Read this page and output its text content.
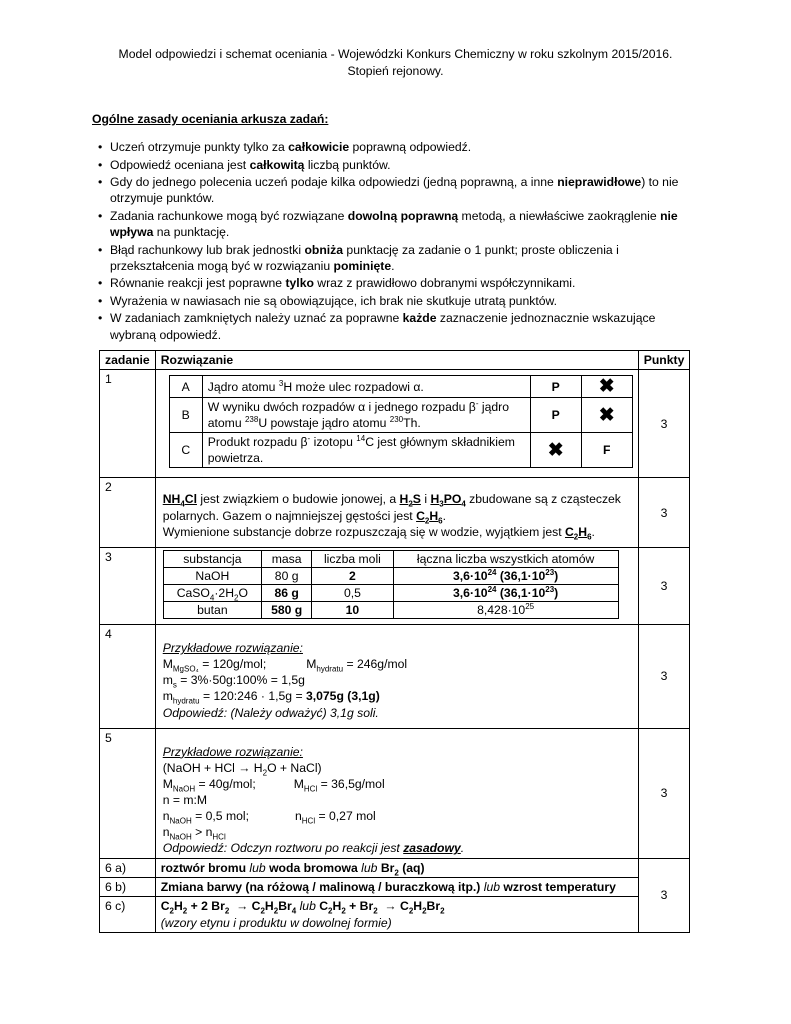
Model odpowiedzi i schemat oceniania - Wojewódzki Konkurs Chemiczny w roku szkolnym 2015/2016.
Stopień rejonowy.
Ogólne zasady oceniania arkusza zadań:
• Uczeń otrzymuje punkty tylko za całkowicie poprawną odpowiedź.
• Odpowiedź oceniana jest całkowitą liczbą punktów.
• Gdy do jednego polecenia uczeń podaje kilka odpowiedzi (jedną poprawną, a inne nieprawidłowe) to nie otrzymuje punktów.
• Zadania rachunkowe mogą być rozwiązane dowolną poprawną metodą, a niewłaściwe zaokrąglenie nie wpływa na punktację.
• Błąd rachunkowy lub brak jednostki obniża punktację za zadanie o 1 punkt; proste obliczenia i przekształcenia mogą być w rozwiązaniu pominięte.
• Równanie reakcji jest poprawne tylko wraz z prawidłowo dobranymi współczynnikami.
• Wyrażenia w nawiasach nie są obowiązujące, ich brak nie skutkuje utratą punktów.
• W zadaniach zamkniętych należy uznać za poprawne każde zaznaczenie jednoznacznie wskazujące wybraną odpowiedź.
zadanie	Rozwiązanie	Punkty
1	
A	Jądro atomu $^3$H może ulec rozpadowi α.	P	✖
B	W wyniku dwóch rozpadów α i jednego rozpadu β- jądro atomu $^{238}$U powstaje jądro atomu $^{230}$Th.	P	✖
C	Produkt rozpadu β- izotopu $^{14}$C jest głównym składnikiem powietrza.	✖	F
	3
2	
$NH_4Cl$ jest związkiem o budowie jonowej, a $H_2S$ i $H_3PO_4$ zbudowane są z cząsteczek polarnych. Gazem o najmniejszej gęstości jest $C_2H_6$.
Wymienione substancje dobrze rozpuszczają się w wodzie, wyjątkiem jest $C_2H_6$.
	3
3		substancja	masa	liczba moli	łączna liczba wszystkich atomów
NaOH	80 g	2	$3,6\cdot 10^{24}$ $(36,1\cdot 10^{23})$
$CaSO_4\cdot 2H_2O$	86 g	0,5	$3,6\cdot 10^{24}$ $(36,1\cdot 10^{23})$
butan	580 g	10	$8,428\cdot 10^{25}$
	3
4	
Przykładowe rozwiązanie:
$M_{MgSO_4} = 120g/mol$;	$M_{hydratu} = 246g/mol$
$m_s$ = 3%·50g:100% = 1,5g
$m_{hydratu}$ = 120:246 · 1,5g = 3,075g (3,1g)
Odpowiedź: (Należy odważyć) 3,1g soli.
	3
5	
Przykładowe rozwiązanie:
(NaOH + HCl → $H_2O$ + NaCl)
$M_{NaOH} = 40g/mol$;	$M_{HCl} = 36,5g/mol$
n = m:M
$n_{NaOH} = 0,5$ mol;	$n_{HCl} = 0,27$ mol
$n_{NaOH} > n_{HCl}$
Odpowiedź: Odczyn roztworu po reakcji jest zasadowy.
	3
6 a)	roztwór bromu lub woda bromowa lub $Br_2$ (aq)	3
6 b)	Zmiana barwy (na różową / malinową / buraczkową itp.) lub wzrost temperatury
6 c)	$C_2H_2 + 2$ $Br_2 \to C_2H_2Br_4$ lub $C_2H_2 + Br_2 \to C_2H_2Br_2$
(wzory etynu i produktu w dowolnej formie)
